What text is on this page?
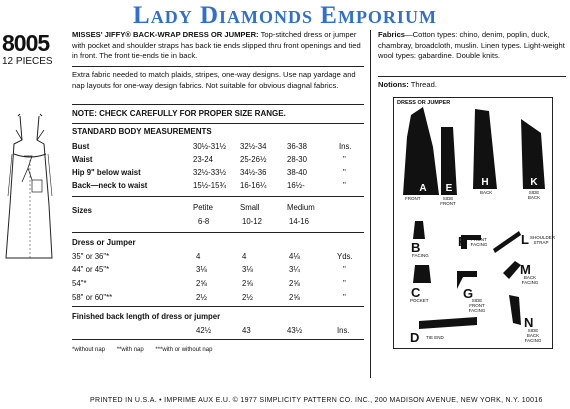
Lady Diamonds Emporium
8005
12 PIECES
MISSES' JIFFY® BACK-WRAP DRESS OR JUMPER: Top-stitched dress or jumper with pocket and shoulder straps has back tie ends slipped thru front openings and tied in front. The front tie-ends tie in back.
Extra fabric needed to match plaids, stripes, one-way designs. Use nap yardage and nap layouts for one-way design fabrics. Not suitable for obvious diagnal fabrics.
NOTE: CHECK CAREFULLY FOR PROPER SIZE RANGE.
STANDARD BODY MEASUREMENTS
Bust	30½-31½ 32½-34	36-38	Ins.
Waist	23-24	25-26½	28-30	"
Hip 9" below waist	32½-33½ 34½-36	38-40	"
Back—neck to waist	15½-15¾ 16-16¼	16½-	"
Sizes	Petite	Small	Medium
6-8	10-12	14-16
Dress or Jumper
35" or 36"*	4	4	4⅛	Yds.
44" or 45"*	3⅛	3⅛	3¼	"
54"*	2⅝	2⅝	2⅝	"
58" or 60"**	2½	2½	2⅝	"
Finished back length of dress or jumper
42½	43	43½	Ins.
*without nap       **with nap       ***with or without nap
Fabrics—Cotton types: chino, denim, poplin, duck, chambray, broadcloth, muslin. Linen types. Light-weight wool types: gabardine. Double knits.
Notions: Thread.
DRESS OR JUMPER
A E
H	K
FRONT	SIDE FRONT
BACK	SIDE BACK
B
FACING
F FRONT FACING	L SHOULDER STRAP
C
POCKET	G
SIDE FRONT FACING
M
BACK FACING
D TIE END
N
SIDE BACK FACING
PRINTED IN U.S.A. • IMPRIME AUX E.U. © 1977 SIMPLICITY PATTERN CO. INC., 200 MADISON AVENUE, NEW YORK, N.Y. 10016
